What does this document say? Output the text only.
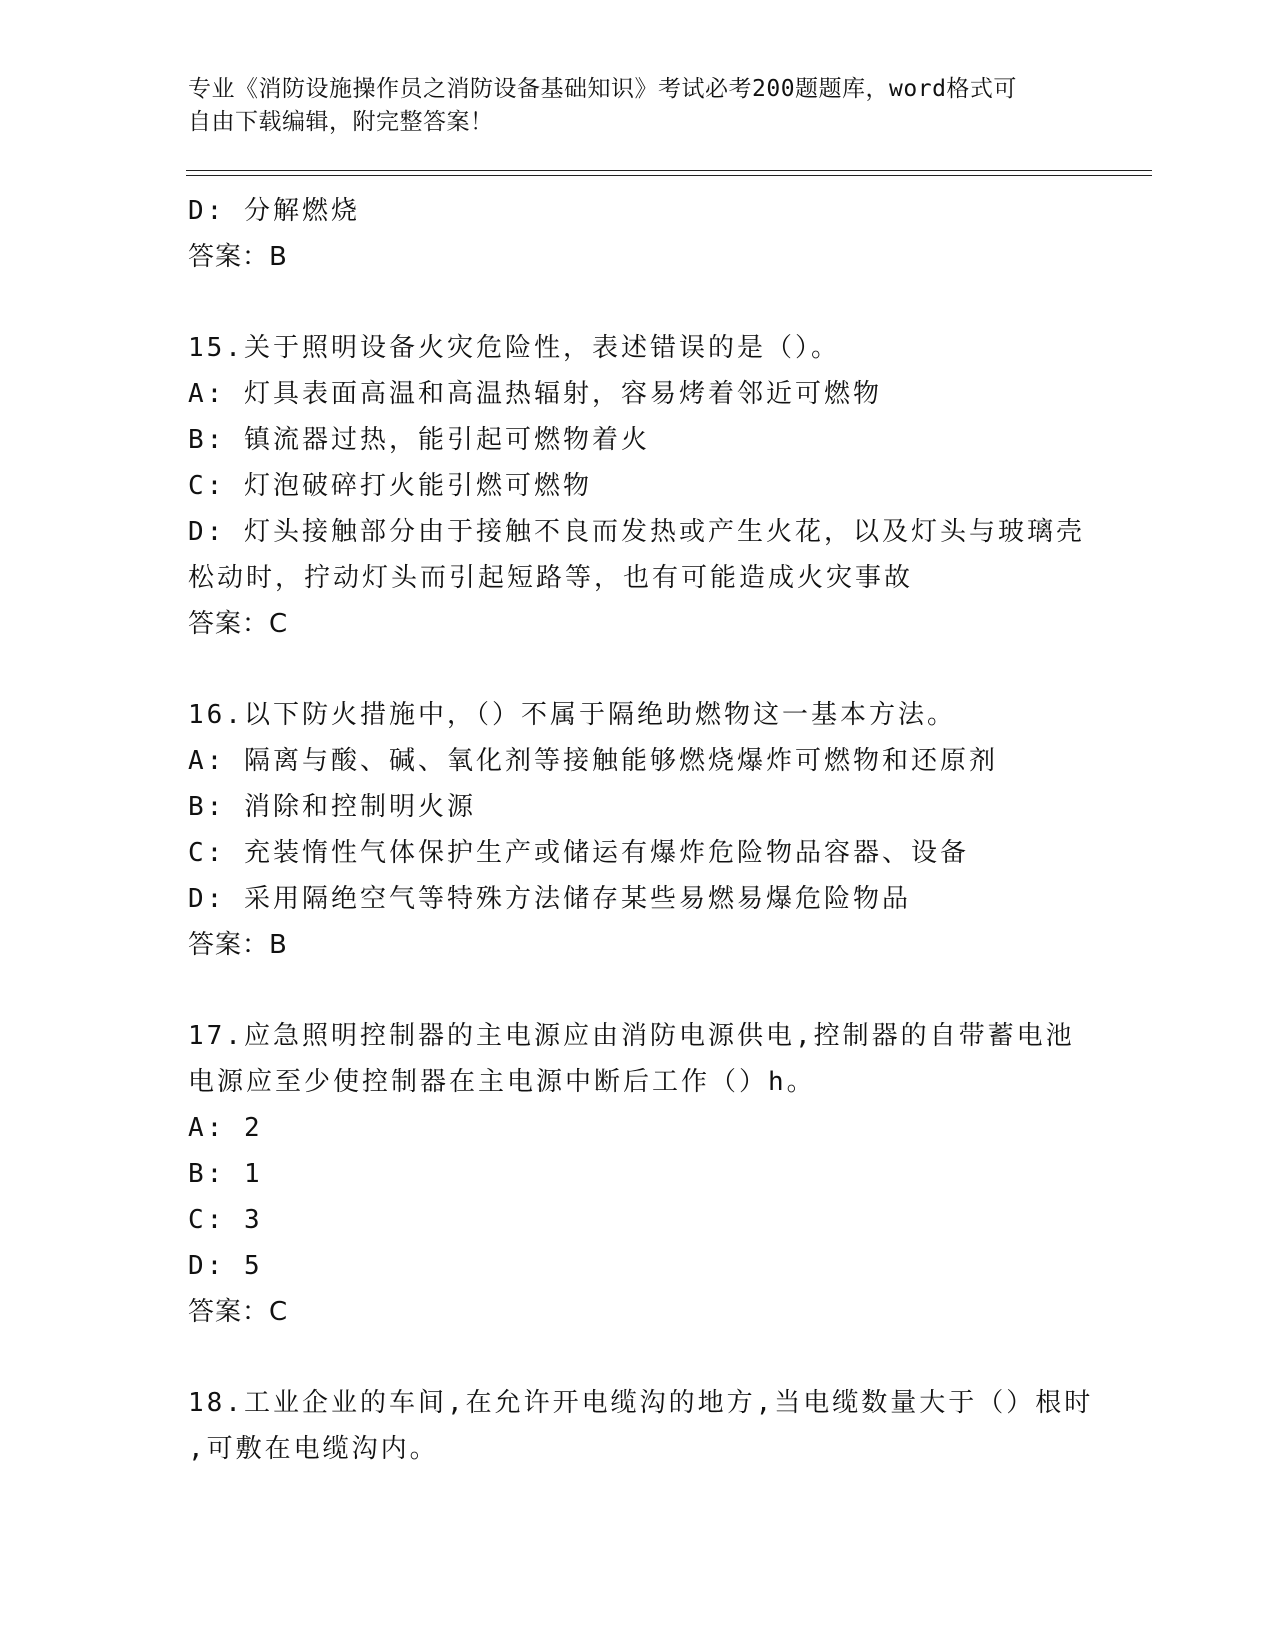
专业《消防设施操作员之消防设备基础知识》考试必考200题题库，word格式可

自由下载编辑，附完整答案！

D: 分解燃烧
答案：B
15.关于照明设备火灾危险性，表述错误的是（）。
A: 灯具表面高温和高温热辐射，容易烤着邻近可燃物
B: 镇流器过热，能引起可燃物着火
C: 灯泡破碎打火能引燃可燃物
D: 灯头接触部分由于接触不良而发热或产生火花，以及灯头与玻璃壳
松动时，拧动灯头而引起短路等，也有可能造成火灾事故
答案：C
16.以下防火措施中，（）不属于隔绝助燃物这一基本方法。
A: 隔离与酸、碱、氧化剂等接触能够燃烧爆炸可燃物和还原剂
B: 消除和控制明火源
C: 充装惰性气体保护生产或储运有爆炸危险物品容器、设备
D: 采用隔绝空气等特殊方法储存某些易燃易爆危险物品
答案：B
17.应急照明控制器的主电源应由消防电源供电,控制器的自带蓄电池
电源应至少使控制器在主电源中断后工作（）h。
A: 2
B: 1
C: 3
D: 5
答案：C
18.工业企业的车间,在允许开电缆沟的地方,当电缆数量大于（）根时
,可敷在电缆沟内。
